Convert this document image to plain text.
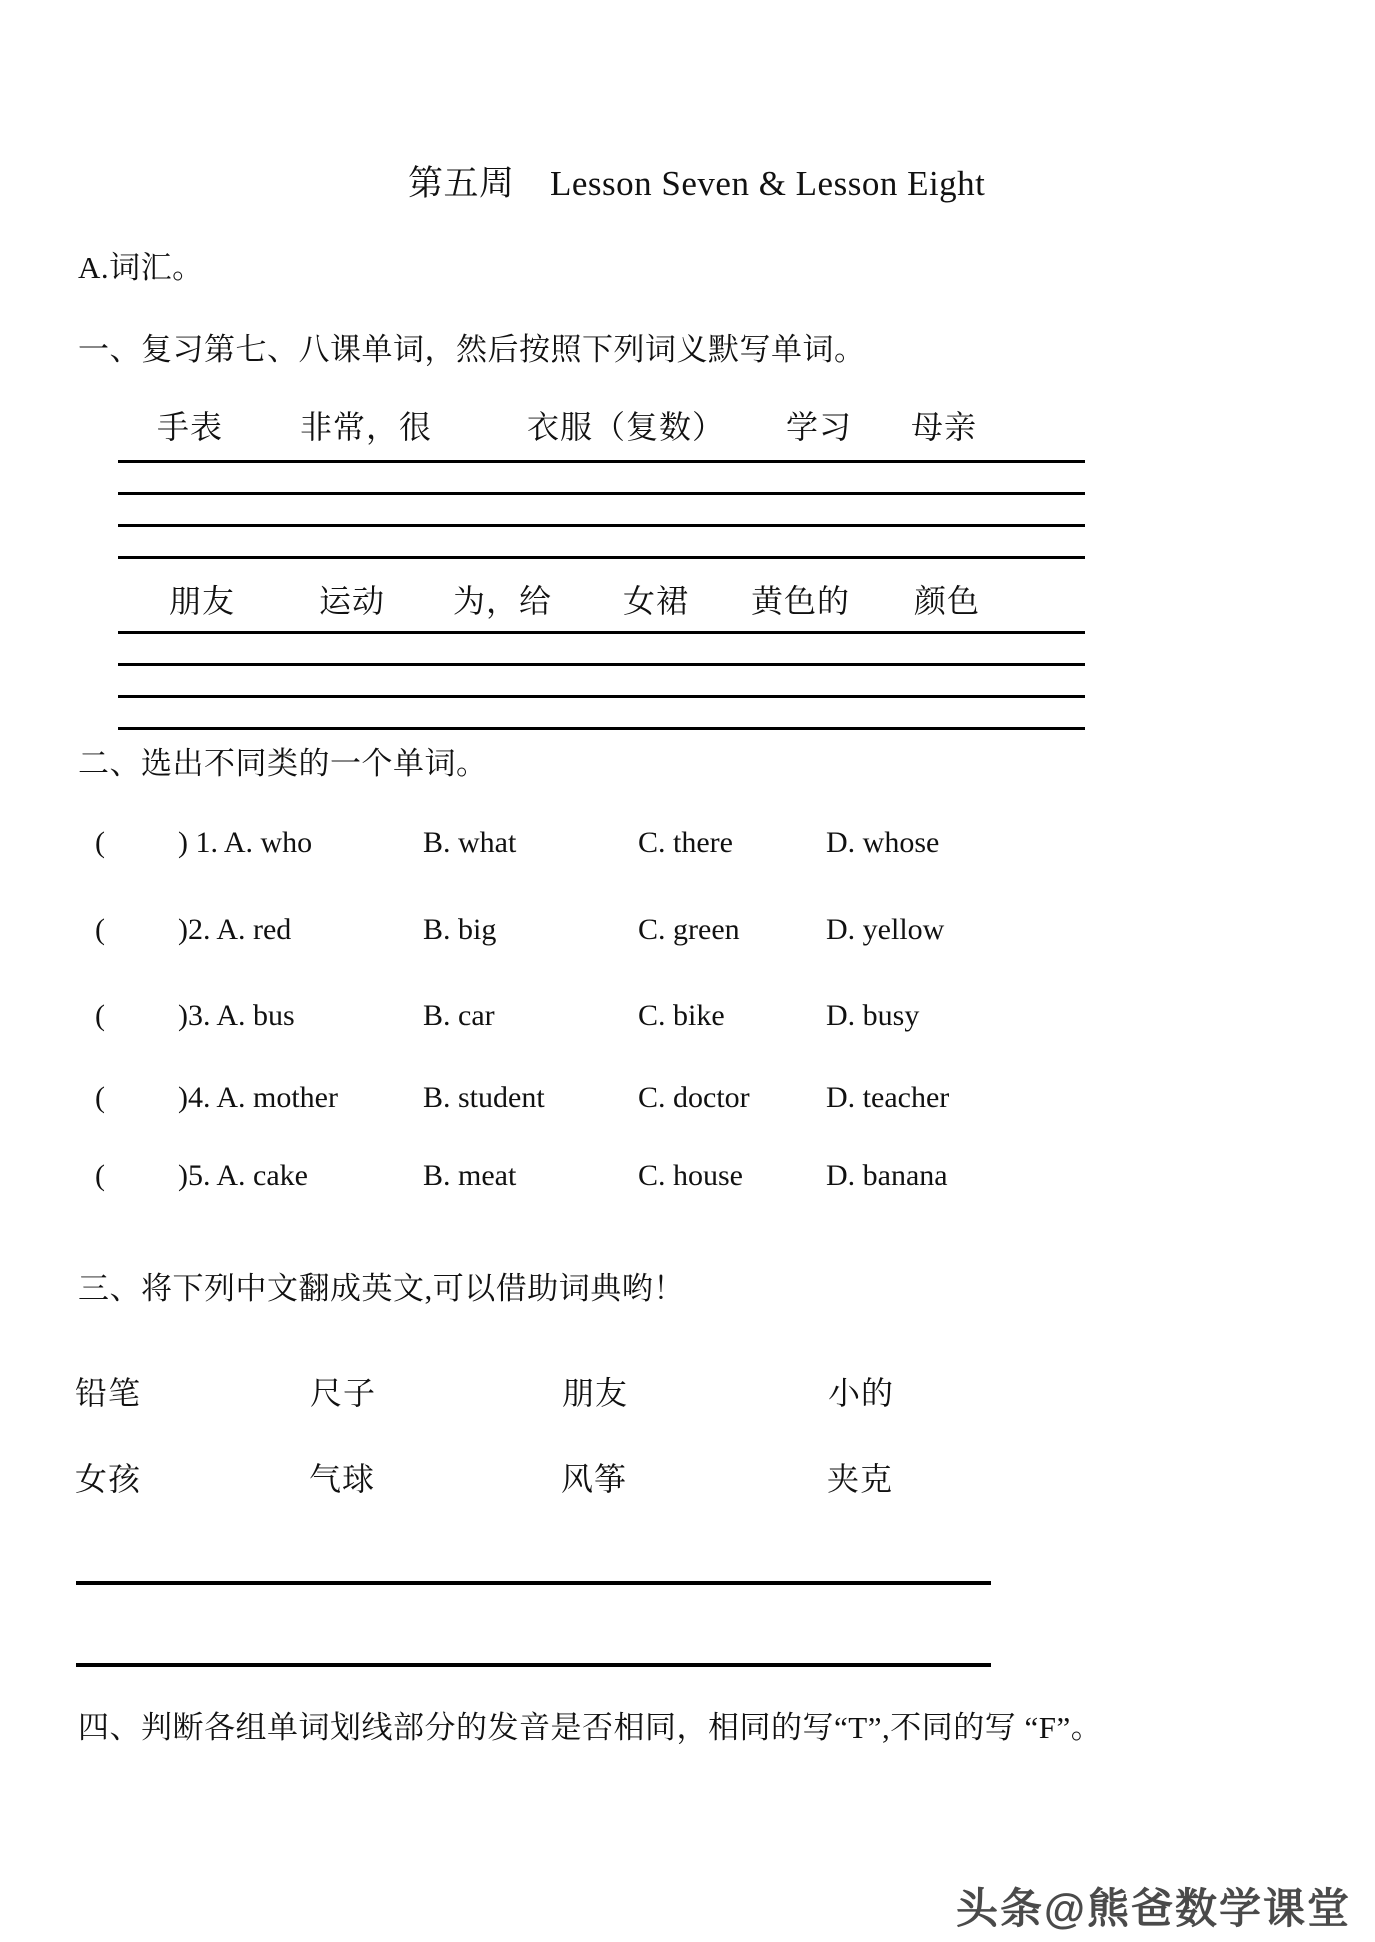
第五周　Lesson Seven & Lesson Eight
A.词汇。
一、复习第七、八课单词，然后按照下列词义默写单词。
手表 非常，很	衣服（复数） 学习 母亲
朋友	运动 为，给 女裙 黄色的 颜色
二、选出不同类的一个单词。
( ) 1. A. who	B. what	C. there	D. whose
( )2. A. red	B. big	C. green	D. yellow
( )3. A. bus	B. car	C. bike	D. busy
( )4. A. mother	B. student	C. doctor	D. teacher
( )5. A. cake	B. meat	C. house	D. banana
三、将下列中文翻成英文,可以借助词典哟！
铅笔	尺子	朋友	小的
女孩	气球	风筝	夹克
四、判断各组单词划线部分的发音是否相同，相同的写“T”,不同的写 “F”。
头条@熊爸数学课堂
